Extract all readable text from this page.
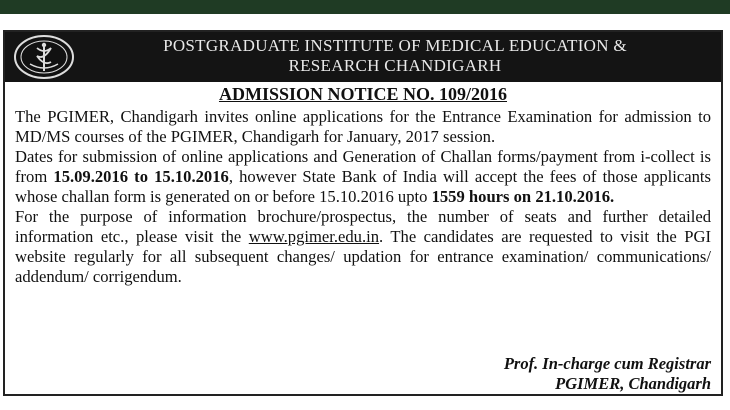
POSTGRADUATE INSTITUTE OF MEDICAL EDUCATION &
RESEARCH CHANDIGARH
ADMISSION NOTICE NO. 109/2016

The PGIMER, Chandigarh invites online applications for the Entrance Examination for admission to MD/MS courses of the PGIMER, Chandigarh for January, 2017 session.

Dates for submission of online applications and Generation of Challan forms/payment from i-collect is from 15.09.2016 to 15.10.2016, however State Bank of India will accept the fees of those applicants whose challan form is generated on or before 15.10.2016 upto 1559 hours on 21.10.2016.

For the purpose of information brochure/prospectus, the number of seats and further detailed information etc., please visit the www.pgimer.edu.in. The candidates are requested to visit the PGI website regularly for all subsequent changes/ updation for entrance examination/ communications/ addendum/ corrigendum.

Prof. In-charge cum Registrar
PGIMER, Chandigarh
